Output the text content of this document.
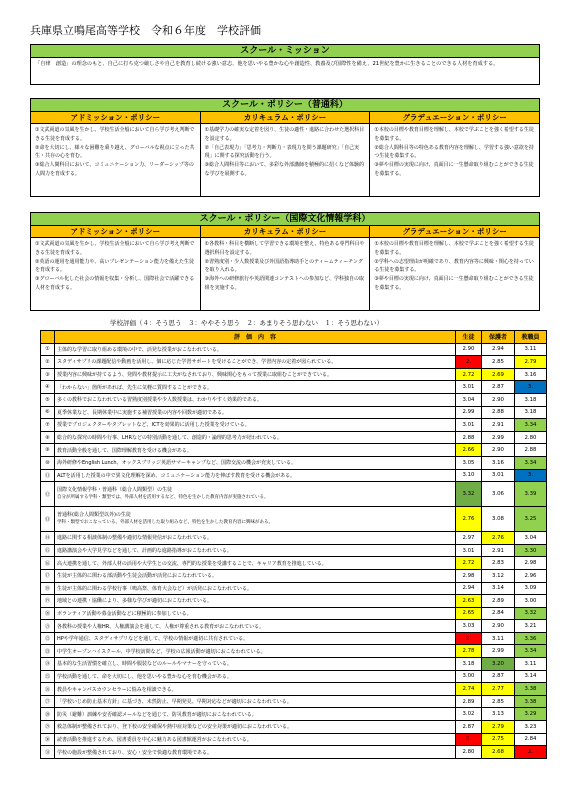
兵庫県立鳴尾高等学校　令和６年度　学校評価
スクール・ミッション
「自律　創造」の理念のもと、自己に打ち克つ厳しさや自己を教育し続ける強い意志、他を思いやる豊かな心や創造性、教養及び国際性を備え、21世紀を豊かに生きることのできる人材を育成する。
スクール・ポリシー（普通科）
アドミッション・ポリシー
①文武両道の気風を生かし、学校生活全般において自ら学び考え判断できる生徒を育成する。
②命を大切にし、様々な困難を乗り越え、グローバルな視点に立った共生・共存の心を育む。
③総合人間科目において、コミュニケーション力、リーダーシップ等の人間力を育成する。
カリキュラム・ポリシー
①基礎学力の確実な定着を図り、生徒の適性・進路に合わせた選択科目を設定する。
②「自己表現力」「思考力・判断力・表現力を問う課題研究」「自己実現」に関する探究活動を行う。
③総合人間科目等において、多彩な外部講師を積極的に招くなど体験的な学びを展開する。
グラデュエーション・ポリシー
①本校の目標や教育目標を理解し、本校で学ぶことを強く希望する生徒を募集する。
②総合人間科目等の特色ある教育内容を理解し、学習する強い意欲を持つ生徒を募集する。
③夢や目標の実現に向け、真面目に一生懸命取り組むことができる生徒を募集する。
スクール・ポリシー（国際文化情報学科）
アドミッション・ポリシー
①文武両道の気風を生かし、学校生活全般において自ら学び考え判断できる生徒を育成する。
②英語の運用を通用能力や、高いプレゼンテーション能力を備えた生徒を育成する。
③グローバル化した社会の情報を収集・分析し、国際社会で活躍できる人材を育成する。
カリキュラム・ポリシー
①各教科・科目を横断して学習できる環境を整え、特色ある専門科目や選択科目を設定する。
②習熟度別・少人数授業及び外国語指導助手とのティームティーチングを取り入れる。
③海外への研修旅行や英語関連コンテストへの参加など、学科独自の取組を実施する。
グラデュエーション・ポリシー
①本校の目標や教育目標を理解し、本校で学ぶことを強く希望する生徒を募集する。
②学科への志望理由が明確であり、教育内容等に興味・関心を持っている生徒を募集する。
③夢や目標の実現に向け、真面目に一生懸命取り組むことができる生徒を募集する。
学校評価（４：そう思う　３：ややそう思う　２：あまりそう思わない　１：そう思わない）
	評　価　内　容	生徒	保護者	教職員
①	主体的な学習に取り組める環境の中で、活発な授業がおこなわれている。	2.90	2.94	3.11
②	スタディサプリの課題配信や動画を活用し、個に応じた学習サポートを受けることができ、学習内容の定着が図られている。	2.	2.85	2.79
③	授業内容に興味が持てるよう、発問や教材提示に工夫がなされており、興味関心をもって授業に取組むことができている。	2.72	2.69	3.16
④	「わからない」箇所があれば、先生に気軽に質問することができる。	3.01	2.87	3.
⑤	多くの教科でおこなわれている習熟度別授業や少人数授業は、わかりやすく効果的である。	3.04	2.90	3.18
⑥	夏季休業など、長期休業中に実施する補習授業の内容や回数が適切である。	2.99	2.88	3.18
⑦	授業でプロジェクターやタブレットなど、ICTを効果的に活用した授業を受けている。	3.01	2.91	3.34
⑧	総合的な探究の時間や行事、LHRなどの特別活動を通して、創造的・論理的思考力が培われている。	2.88	2.99	2.80
⑨	教育活動全般を通して、国際理解教育を受ける機会がある。	2.66	2.90	2.88
⑩	海外研修やEnglish Lunch、オックスブリッジ英語サマーキャンプなど、国際交流の機会が充実している。	3.05	3.16	3.34
⑪	ALTを活用した授業の中で異文化理解を深め、コミュニケーション能力を伸ばす教育を受ける機会がある。	3.10	3.01	3.
⑫	国際文化情報学科・普通科（総合人間類型）の生徒
自分が所属する学科・類型では、外部人材を活用するなど、特色を生かした教育内容が実施されている。	3.32	3.06	3.39
⑬	普通科(総合人間類型以外)の生徒
学科・類型でおこなっている、外部人材を活用した取り組みなど、特色を生かした教育内容に興味がある。	2.76	3.08	3.25
⑭	進路に関する相談体制の整備や適切な情報発信がおこなわれている。	2.97	2.76	3.04
⑮	進路講演会や大学見学などを通して、計画的な進路指導がおこなわれている。	3.01	2.91	3.30
⑯	高大連携を通して、外部人材の活用や大学生との交流、専門的な授業を受講することで、キャリア教育を推進している。	2.72	2.83	2.98
⑰	生徒が主体的に関わる部活動や生徒会活動が活発におこなわれている。	2.98	3.12	2.96
⑱	生徒が主体的に関わる学校行事（鳴高祭、体育大会など）が活発におこなわれている。	2.94	3.14	3.09
⑲	地域との連携・協働により、多様な学びが適切におこなわれている。	2.63	2.89	3.00
⑳	ボランティア活動や募金活動などに積極的に参加している。	2.65	2.84	3.32
㉑	各教科の授業や人権HR、人権講演会を通して、人権が尊重される教育がおこなわれている。	3.03	2.90	3.21
㉒	HPや学年通信、スタディサプリなどを通して、学校の情報が適切に共有されている。	2.	3.11	3.36
㉓	中学生オープンハイスクール、中学校訪問など、学校の広報活動が適切におこなわれている。	2.78	2.99	3.34
㉔	基本的な生活習慣を確立し、時間や服装などのルールやマナーを守っている。	3.18	3.20	3.11
㉕	学校活動を通して、命を大切にし、他を思いやる豊かな心を育む機会がある。	3.00	2.87	3.14
㉖	教員やキャンパスカウンセラーに悩みを相談できる。	2.74	2.77	3.38
㉗	「学校いじめ防止基本方針」に基づき、未然防止、早期発見、早期対応などが適切におこなわれている。	2.89	2.85	3.38
㉘	防災（避難）訓練や安否確認メールなどを通じて、防災教育が適切におこなわれている。	3.02	3.13	3.29
㉙	救急体制が整備されており、登下校の安全確保や熱中症対策などの安全対策が適切におこなわれている。	2.87	2.79	3.23
㉚	読書活動を推進するため、図書委員を中心に魅力ある図書館運営がおこなわれている。	2.	2.75	2.84
㉛	学校の施設が整備されており、安心・安全で快適な教育環境である。	2.80	2.68	2.
